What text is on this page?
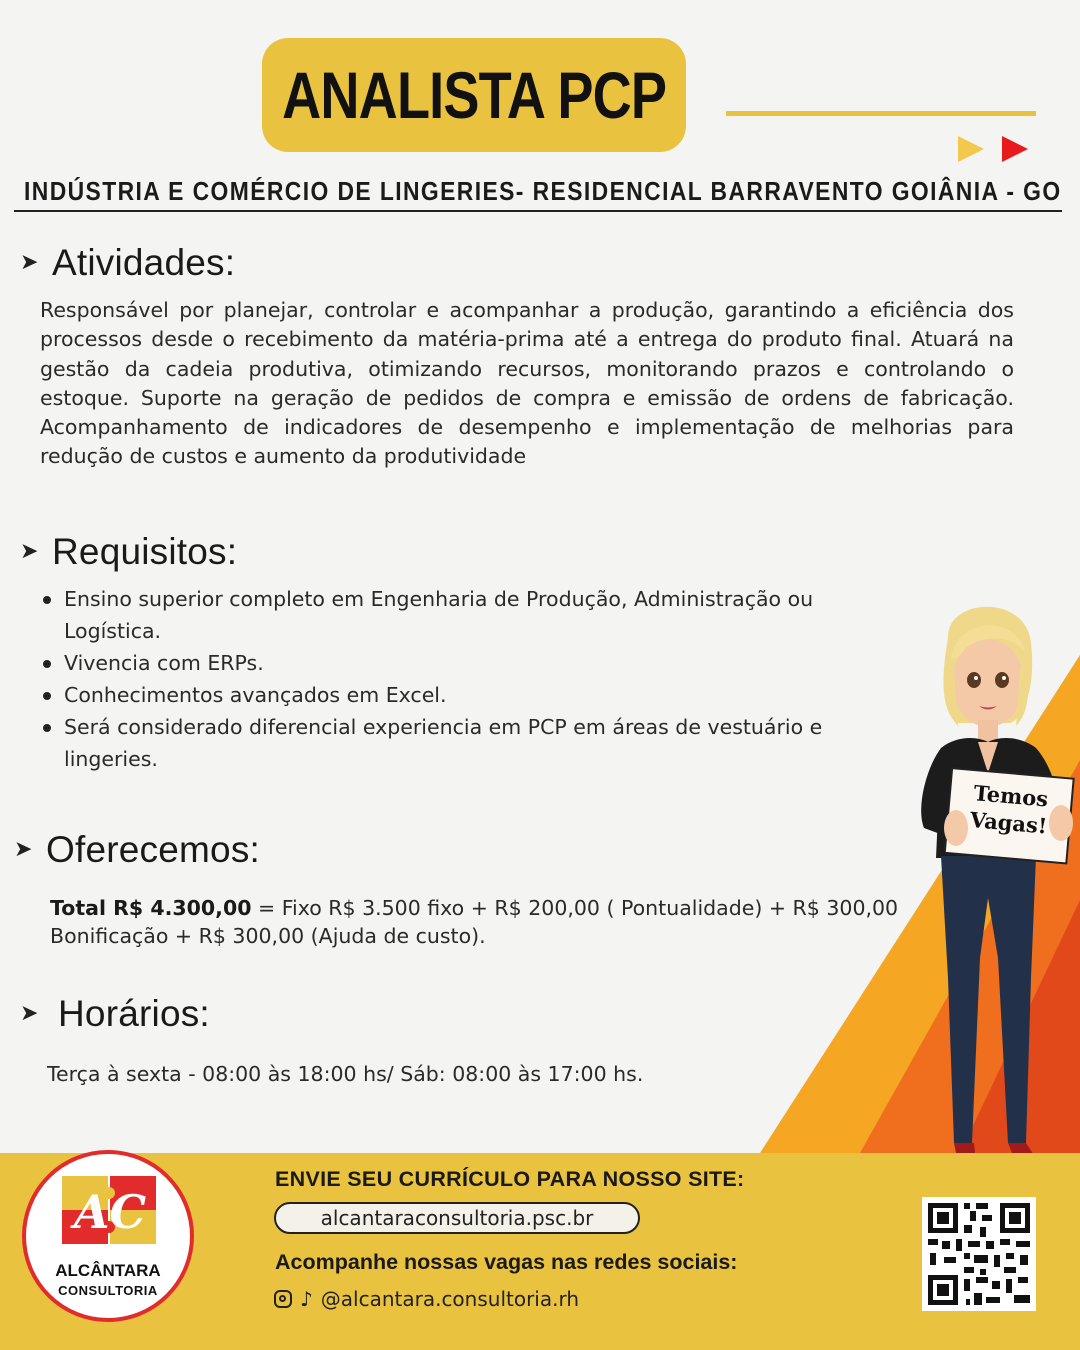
ANALISTA PCP
INDÚSTRIA E COMÉRCIO DE LINGERIES- RESIDENCIAL BARRAVENTO GOIÂNIA - GO
➤ Atividades:
Responsável por planejar, controlar e acompanhar a produção, garantindo a eficiência dos processos desde o recebimento da matéria-prima até a entrega do produto final. Atuará na gestão da cadeia produtiva, otimizando recursos, monitorando prazos e controlando o estoque. Suporte na geração de pedidos de compra e emissão de ordens de fabricação. Acompanhamento de indicadores de desempenho e implementação de melhorias para redução de custos e aumento da produtividade
➤ Requisitos:
Ensino superior completo em Engenharia de Produção, Administração ou Logística.
Vivencia com ERPs.
Conhecimentos avançados em Excel.
Será considerado diferencial experiencia em PCP em áreas de vestuário e lingeries.
➤ Oferecemos:
Total R$ 4.300,00 = Fixo R$ 3.500 fixo + R$ 200,00 ( Pontualidade) + R$ 300,00 Bonificação + R$ 300,00 (Ajuda de custo).
➤ Horários:
Terça à sexta - 08:00 às 18:00 hs/ Sáb: 08:00 às 17:00 hs.
Temos
Vagas!
AC
ALCÂNTARA
CONSULTORIA
ENVIE SEU CURRÍCULO PARA NOSSO SITE:
alcantaraconsultoria.psc.br
Acompanhe nossas vagas nas redes sociais:
♪ @alcantara.consultoria.rh
